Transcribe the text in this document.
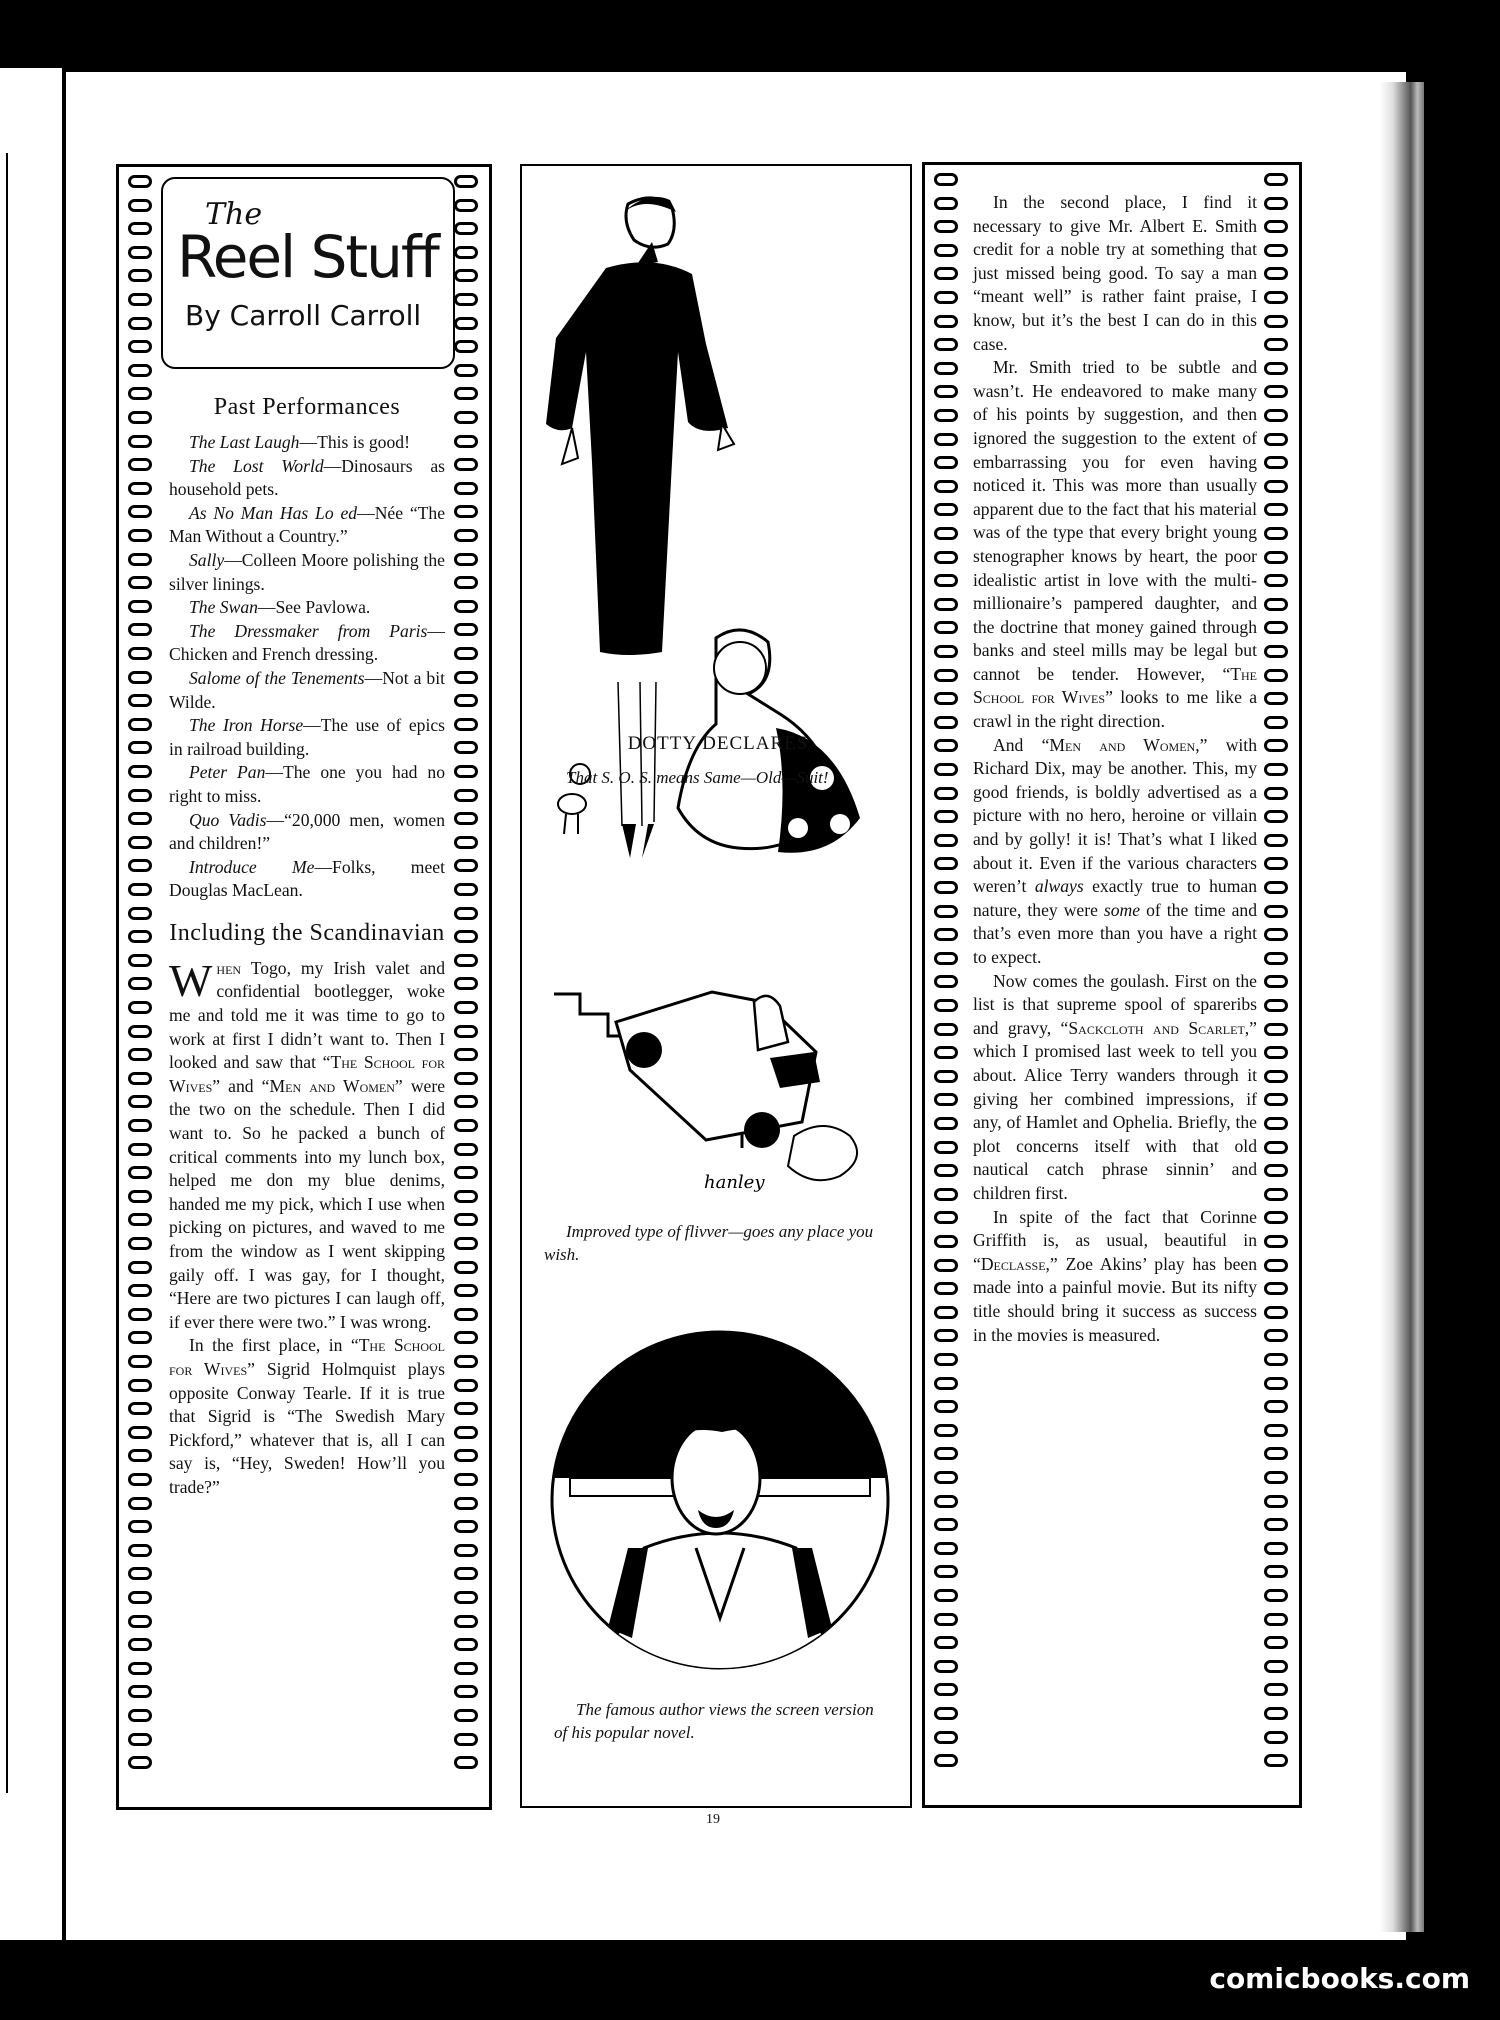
The
Reel Stuff
By Carroll Carroll
Past Performances

The Last Laugh—This is good!

The Lost World—Dinosaurs as household pets.

As No Man Has Lo ed—Née “The Man Without a Country.”

Sally—Colleen Moore polishing the silver linings.

The Swan—See Pavlowa.

The Dressmaker from Paris—Chicken and French dressing.

Salome of the Tenements—Not a bit Wilde.

The Iron Horse—The use of epics in railroad building.

Peter Pan—The one you had no right to miss.

Quo Vadis—“20,000 men, women and children!”

Introduce Me—Folks, meet Douglas MacLean.

Including the Scandinavian

When Togo, my Irish valet and confidential bootlegger, woke me and told me it was time to go to work at first I didn’t want to. Then I looked and saw that “The School for Wives” and “Men and Women” were the two on the schedule. Then I did want to. So he packed a bunch of critical comments into my lunch box, helped me don my blue denims, handed me my pick, which I use when picking on pictures, and waved to me from the window as I went skipping gaily off. I was gay, for I thought, “Here are two pictures I can laugh off, if ever there were two.” I was wrong.

In the first place, in “The School for Wives” Sigrid Holmquist plays opposite Conway Tearle. If it is true that Sigrid is “The Swedish Mary Pickford,” whatever that is, all I can say is, “Hey, Sweden! How’ll you trade?”

DOTTY DECLARES
That S. O. S. means Same—Old—Suit!
hanley
Improved type of flivver—goes any place you wish.
The famous author views the screen version of his popular novel.

In the second place, I find it necessary to give Mr. Albert E. Smith credit for a noble try at something that just missed being good. To say a man “meant well” is rather faint praise, I know, but it’s the best I can do in this case.

Mr. Smith tried to be subtle and wasn’t. He endeavored to make many of his points by suggestion, and then ignored the suggestion to the extent of embarrassing you for even having noticed it. This was more than usually apparent due to the fact that his material was of the type that every bright young stenographer knows by heart, the poor idealistic artist in love with the multi-millionaire’s pampered daughter, and the doctrine that money gained through banks and steel mills may be legal but cannot be tender. However, “The School for Wives” looks to me like a crawl in the right direction.

And “Men and Women,” with Richard Dix, may be another. This, my good friends, is boldly advertised as a picture with no hero, heroine or villain and by golly! it is! That’s what I liked about it. Even if the various characters weren’t always exactly true to human nature, they were some of the time and that’s even more than you have a right to expect.

Now comes the goulash. First on the list is that supreme spool of spareribs and gravy, “Sackcloth and Scarlet,” which I promised last week to tell you about. Alice Terry wanders through it giving her combined impressions, if any, of Hamlet and Ophelia. Briefly, the plot concerns itself with that old nautical catch phrase sinnin’ and children first.

In spite of the fact that Corinne Griffith is, as usual, beautiful in “Declasse,” Zoe Akins’ play has been made into a painful movie. But its nifty title should bring it success as success in the movies is measured.

19
comicbooks.com
